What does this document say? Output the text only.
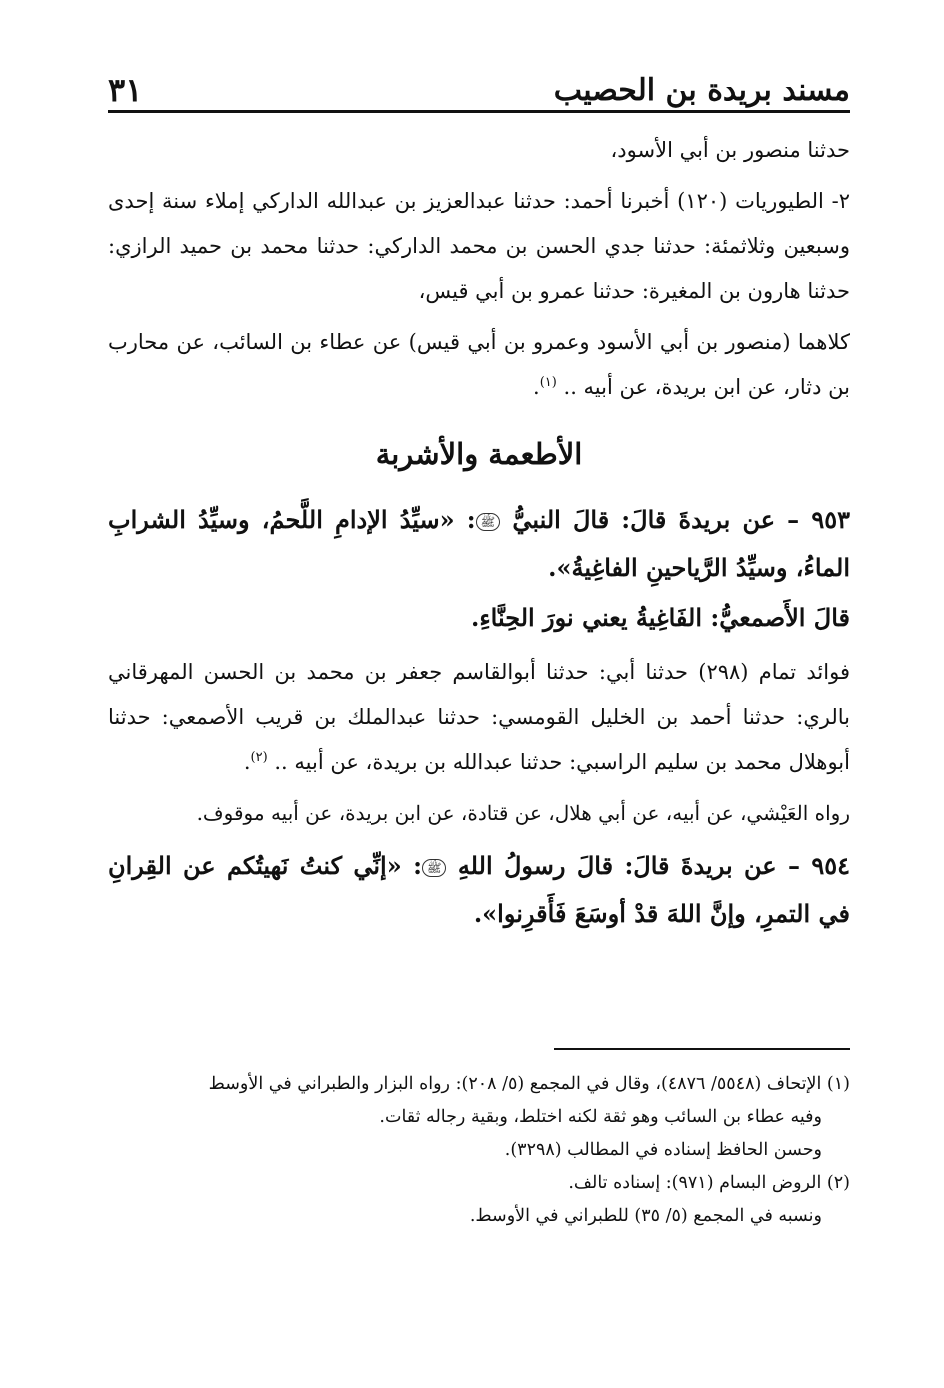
مسند بريدة بن الحصيب
٣١

حدثنا منصور بن أبي الأسود،

٢- الطيوريات (١٢٠) أخبرنا أحمد: حدثنا عبدالعزيز بن عبدالله الداركي إملاء سنة إحدى وسبعين وثلاثمئة: حدثنا جدي الحسن بن محمد الداركي: حدثنا محمد بن حميد الرازي: حدثنا هارون بن المغيرة: حدثنا عمرو بن أبي قيس،

كلاهما (منصور بن أبي الأسود وعمرو بن أبي قيس) عن عطاء بن السائب، عن محارب بن دثار، عن ابن بريدة، عن أبيه .. $^{(١)}$.

الأطعمة والأشربة

٩٥٣ – عن بريدةَ قالَ: قالَ النبيُّ ﷺ: «سيِّدُ الإدامِ اللَّحمُ، وسيِّدُ الشرابِ الماءُ، وسيِّدُ الرَّياحينِ الفاغِيةُ».

قالَ الأَصمعيُّ: الفَاغِيةُ يعني نورَ الحِنَّاءِ.

فوائد تمام (٢٩٨) حدثنا أبي: حدثنا أبوالقاسم جعفر بن محمد بن الحسن المهرقاني بالري: حدثنا أحمد بن الخليل القومسي: حدثنا عبدالملك بن قريب الأصمعي: حدثنا أبوهلال محمد بن سليم الراسبي: حدثنا عبدالله بن بريدة، عن أبيه .. $^{(٢)}$.

رواه العَيْشي، عن أبيه، عن أبي هلال، عن قتادة، عن ابن بريدة، عن أبيه موقوف.

٩٥٤ – عن بريدةَ قالَ: قالَ رسولُ اللهِ ﷺ: «إنِّي كنتُ نَهيتُكم عن القِرانِ في التمرِ، وإنَّ اللهَ قدْ أوسَعَ فَأَقرِنوا».

(١) الإتحاف (٥٥٤٨/ ٤٨٧٦)، وقال في المجمع (٥/ ٢٠٨): رواه البزار والطبراني في الأوسط

وفيه عطاء بن السائب وهو ثقة لكنه اختلط، وبقية رجاله ثقات.

وحسن الحافظ إسناده في المطالب (٣٢٩٨).

(٢) الروض البسام (٩٧١): إسناده تالف.

ونسبه في المجمع (٥/ ٣٥) للطبراني في الأوسط.
